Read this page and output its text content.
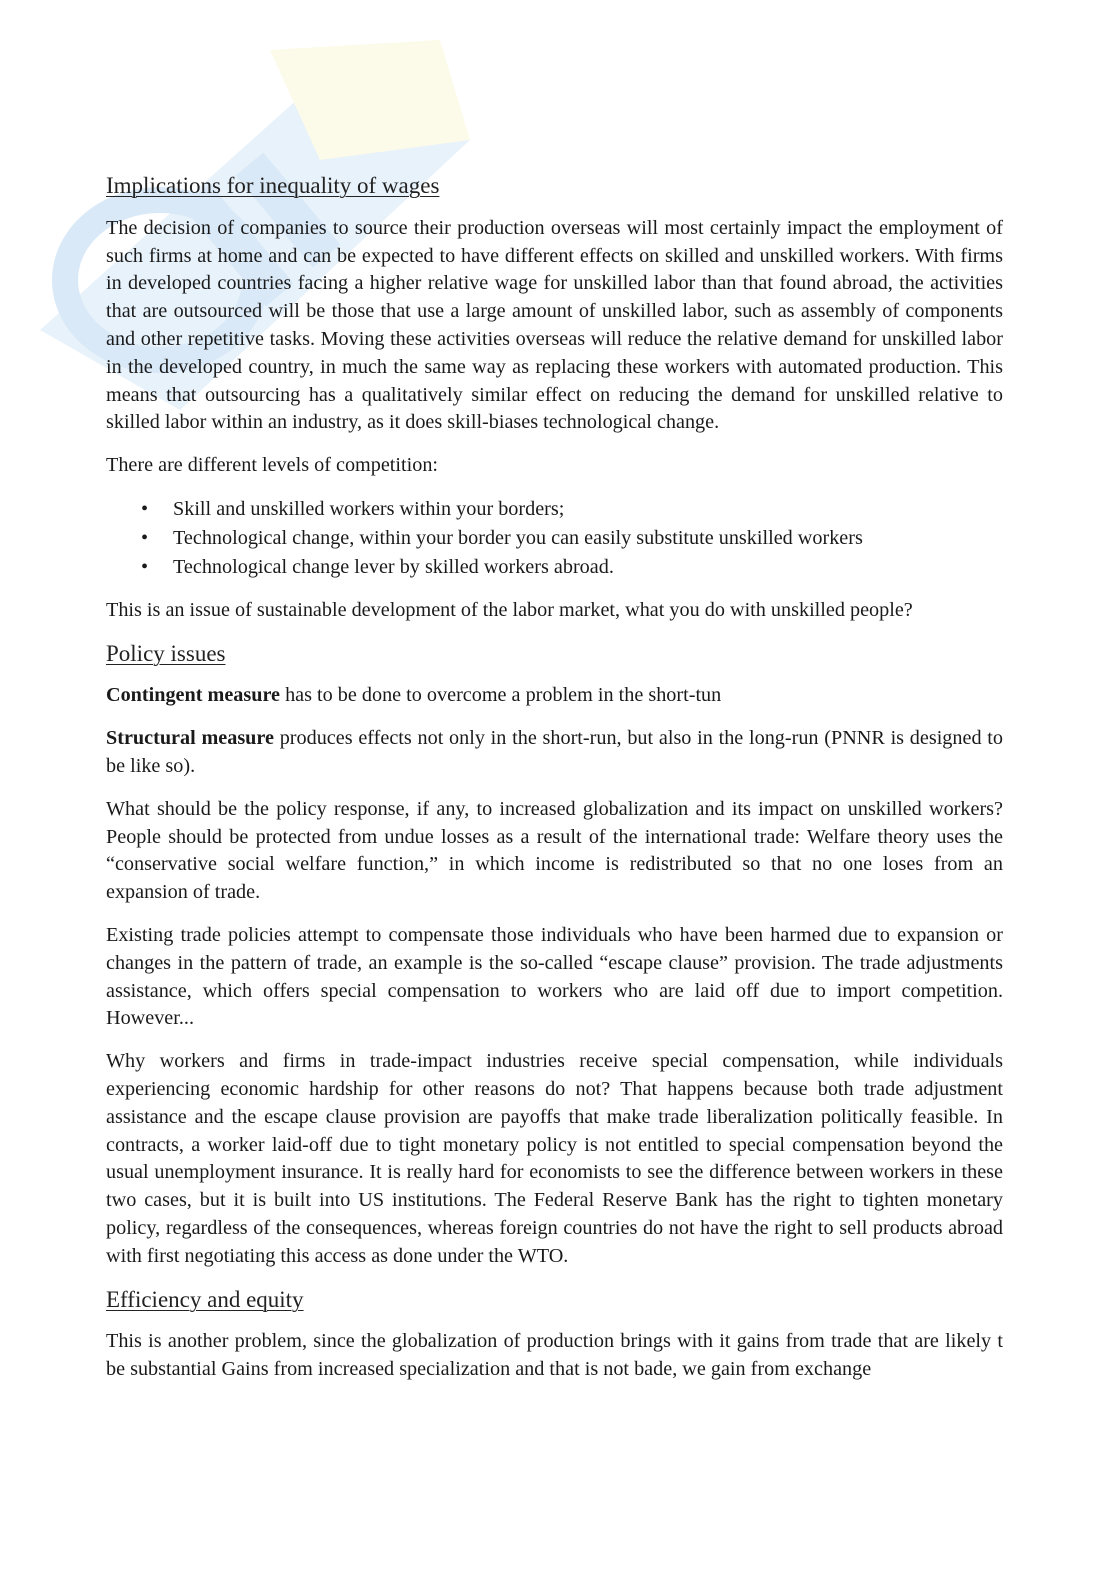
Implications for inequality of wages

The decision of companies to source their production overseas will most certainly impact the employment of such firms at home and can be expected to have different effects on skilled and unskilled workers. With firms in developed countries facing a higher relative wage for unskilled labor than that found abroad, the activities that are outsourced will be those that use a large amount of unskilled labor, such as assembly of components and other repetitive tasks. Moving these activities overseas will reduce the relative demand for unskilled labor in the developed country, in much the same way as replacing these workers with automated production. This means that outsourcing has a qualitatively similar effect on reducing the demand for unskilled relative to skilled labor within an industry, as it does skill-biases technological change.

There are different levels of competition:

• Skill and unskilled workers within your borders;
• Technological change, within your border you can easily substitute unskilled workers
• Technological change lever by skilled workers abroad.

This is an issue of sustainable development of the labor market, what you do with unskilled people?

Policy issues

Contingent measure has to be done to overcome a problem in the short-tun

Structural measure produces effects not only in the short-run, but also in the long-run (PNNR is designed to be like so).

What should be the policy response, if any, to increased globalization and its impact on unskilled workers? People should be protected from undue losses as a result of the international trade: Welfare theory uses the “conservative social welfare function,” in which income is redistributed so that no one loses from an expansion of trade.

Existing trade policies attempt to compensate those individuals who have been harmed due to expansion or changes in the pattern of trade, an example is the so-called “escape clause” provision. The trade adjustments assistance, which offers special compensation to workers who are laid off due to import competition. However...

Why workers and firms in trade-impact industries receive special compensation, while individuals experiencing economic hardship for other reasons do not? That happens because both trade adjustment assistance and the escape clause provision are payoffs that make trade liberalization politically feasible. In contracts, a worker laid-off due to tight monetary policy is not entitled to special compensation beyond the usual unemployment insurance. It is really hard for economists to see the difference between workers in these two cases, but it is built into US institutions. The Federal Reserve Bank has the right to tighten monetary policy, regardless of the consequences, whereas foreign countries do not have the right to sell products abroad with first negotiating this access as done under the WTO.

Efficiency and equity

This is another problem, since the globalization of production brings with it gains from trade that are likely t be substantial Gains from increased specialization and that is not bade, we gain from exchange
